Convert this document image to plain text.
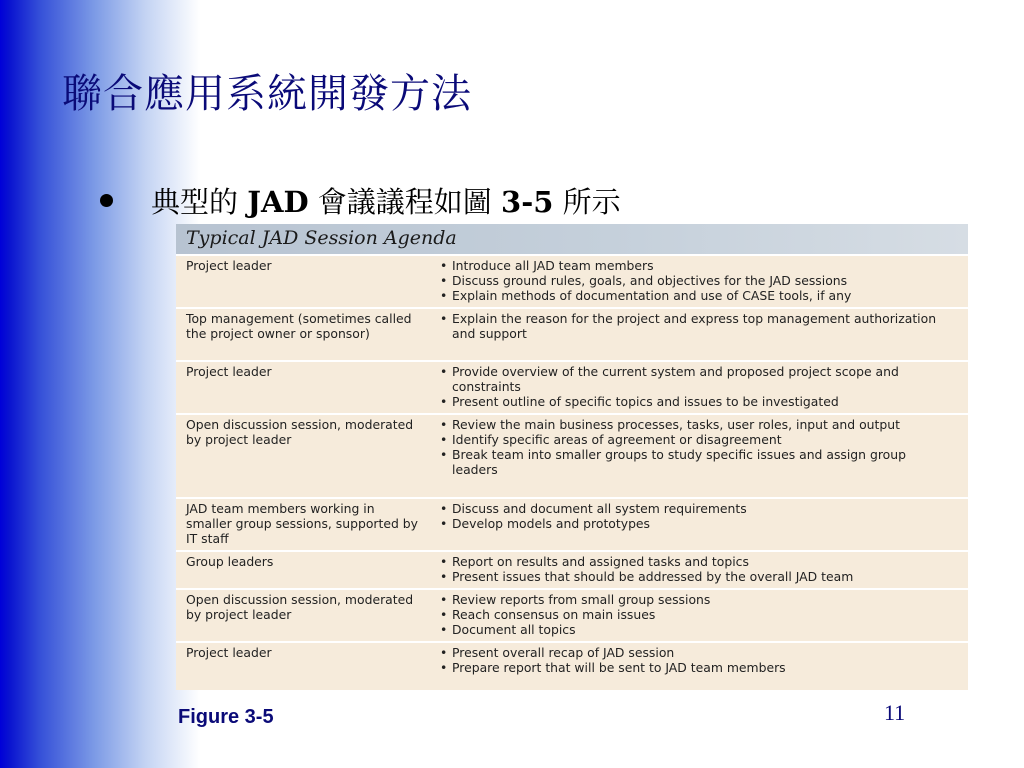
聯合應用系統開發方法
典型的 JAD 會議議程如圖 3-5 所示
Typical JAD Session Agenda
Project leader	• Introduce all JAD team members
• Discuss ground rules, goals, and objectives for the JAD sessions
• Explain methods of documentation and use of CASE tools, if any
Top management (sometimes called the project owner or sponsor)
• Explain the reason for the project and express top management authorization and support
Project leader	• Provide overview of the current system and proposed project scope and constraints
• Present outline of specific topics and issues to be investigated
Open discussion session, moderated by project leader
• Review the main business processes, tasks, user roles, input and output
• Identify specific areas of agreement or disagreement
• Break team into smaller groups to study specific issues and assign group leaders
JAD team members working in smaller group sessions, supported by IT staff
• Discuss and document all system requirements
• Develop models and prototypes
Group leaders	• Report on results and assigned tasks and topics
• Present issues that should be addressed by the overall JAD team
Open discussion session, moderated by project leader
• Review reports from small group sessions
• Reach consensus on main issues
• Document all topics
Project leader	• Present overall recap of JAD session
• Prepare report that will be sent to JAD team members
Figure 3-5	11
